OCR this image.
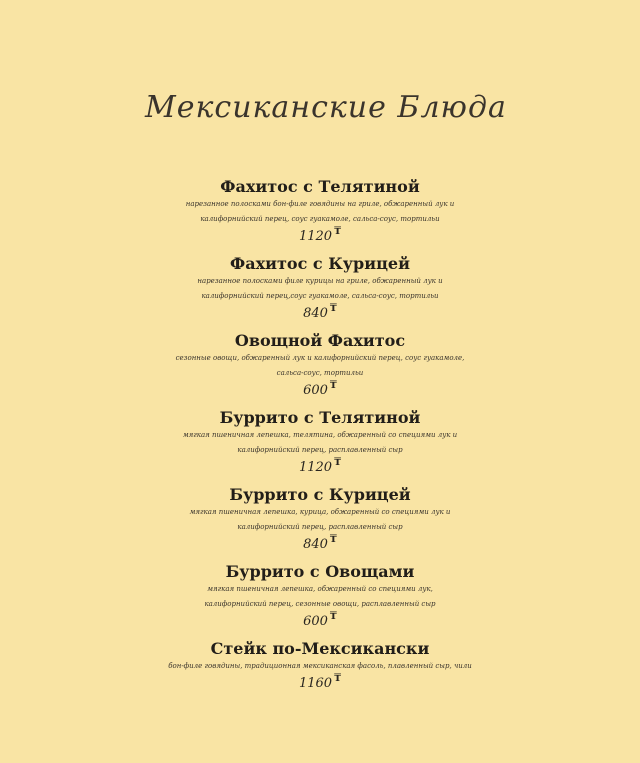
Мексиканские Блюда
Фахитос с Телятиной
нарезанное полосками бон-филе говядины на гриле, обжаренный лук и калифорнийский перец, соус гуакамоле, сальса-соус, тортильи
1120 ₸
Фахитос с Курицей
нарезанное полосками филе курицы на гриле, обжаренный лук и калифорнийский перец,соус гуакамоле, сальса-соус, тортильи
840 ₸
Овощной Фахитос
сезонные овощи, обжаренный лук и калифорнийский перец, соус гуакамоле, сальса-соус, тортильи
600 ₸
Буррито с Телятиной
мягкая пшеничная лепешка, телятина, обжаренный со специями лук и калифорнийский перец, расплавленный сыр
1120 ₸
Буррито с Курицей
мягкая пшеничная лепешка, курица, обжаренный со специями лук и калифорнийский перец, расплавленный сыр
840 ₸
Буррито с Овощами
мягкая пшеничная лепешка, обжаренный со специями лук, калифорнийский перец, сезонные овощи, расплавленный сыр
600 ₸
Стейк по-Мексикански
бон-филе говядины, традиционная мексиканская фасоль, плавленный сыр, чили
1160 ₸
